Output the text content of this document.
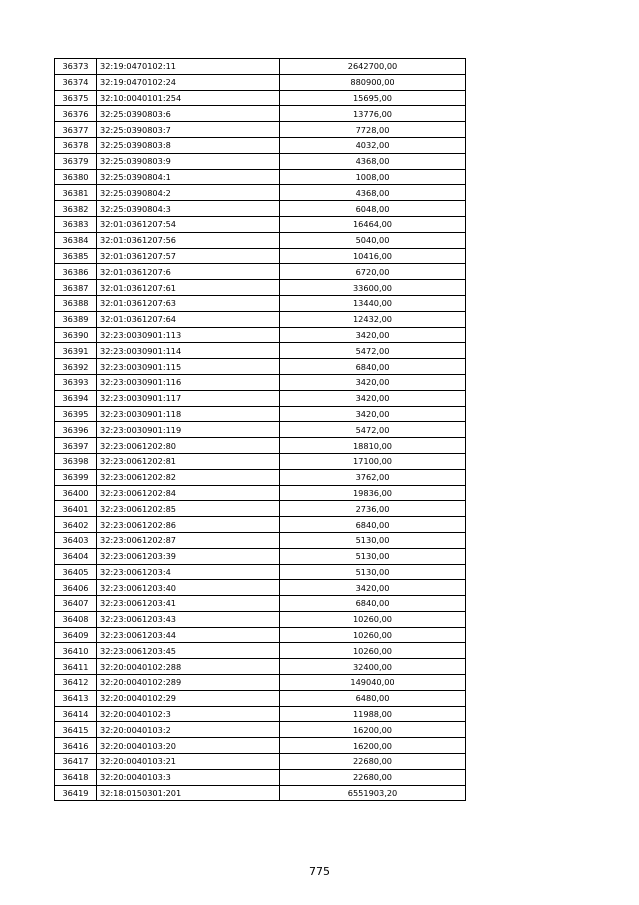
36373	32:19:0470102:11	2642700,00
36374	32:19:0470102:24	880900,00
36375	32:10:0040101:254	15695,00
36376	32:25:0390803:6	13776,00
36377	32:25:0390803:7	7728,00
36378	32:25:0390803:8	4032,00
36379	32:25:0390803:9	4368,00
36380	32:25:0390804:1	1008,00
36381	32:25:0390804:2	4368,00
36382	32:25:0390804:3	6048,00
36383	32:01:0361207:54	16464,00
36384	32:01:0361207:56	5040,00
36385	32:01:0361207:57	10416,00
36386	32:01:0361207:6	6720,00
36387	32:01:0361207:61	33600,00
36388	32:01:0361207:63	13440,00
36389	32:01:0361207:64	12432,00
36390	32:23:0030901:113	3420,00
36391	32:23:0030901:114	5472,00
36392	32:23:0030901:115	6840,00
36393	32:23:0030901:116	3420,00
36394	32:23:0030901:117	3420,00
36395	32:23:0030901:118	3420,00
36396	32:23:0030901:119	5472,00
36397	32:23:0061202:80	18810,00
36398	32:23:0061202:81	17100,00
36399	32:23:0061202:82	3762,00
36400	32:23:0061202:84	19836,00
36401	32:23:0061202:85	2736,00
36402	32:23:0061202:86	6840,00
36403	32:23:0061202:87	5130,00
36404	32:23:0061203:39	5130,00
36405	32:23:0061203:4	5130,00
36406	32:23:0061203:40	3420,00
36407	32:23:0061203:41	6840,00
36408	32:23:0061203:43	10260,00
36409	32:23:0061203:44	10260,00
36410	32:23:0061203:45	10260,00
36411	32:20:0040102:288	32400,00
36412	32:20:0040102:289	149040,00
36413	32:20:0040102:29	6480,00
36414	32:20:0040102:3	11988,00
36415	32:20:0040103:2	16200,00
36416	32:20:0040103:20	16200,00
36417	32:20:0040103:21	22680,00
36418	32:20:0040103:3	22680,00
36419	32:18:0150301:201	6551903,20
775
